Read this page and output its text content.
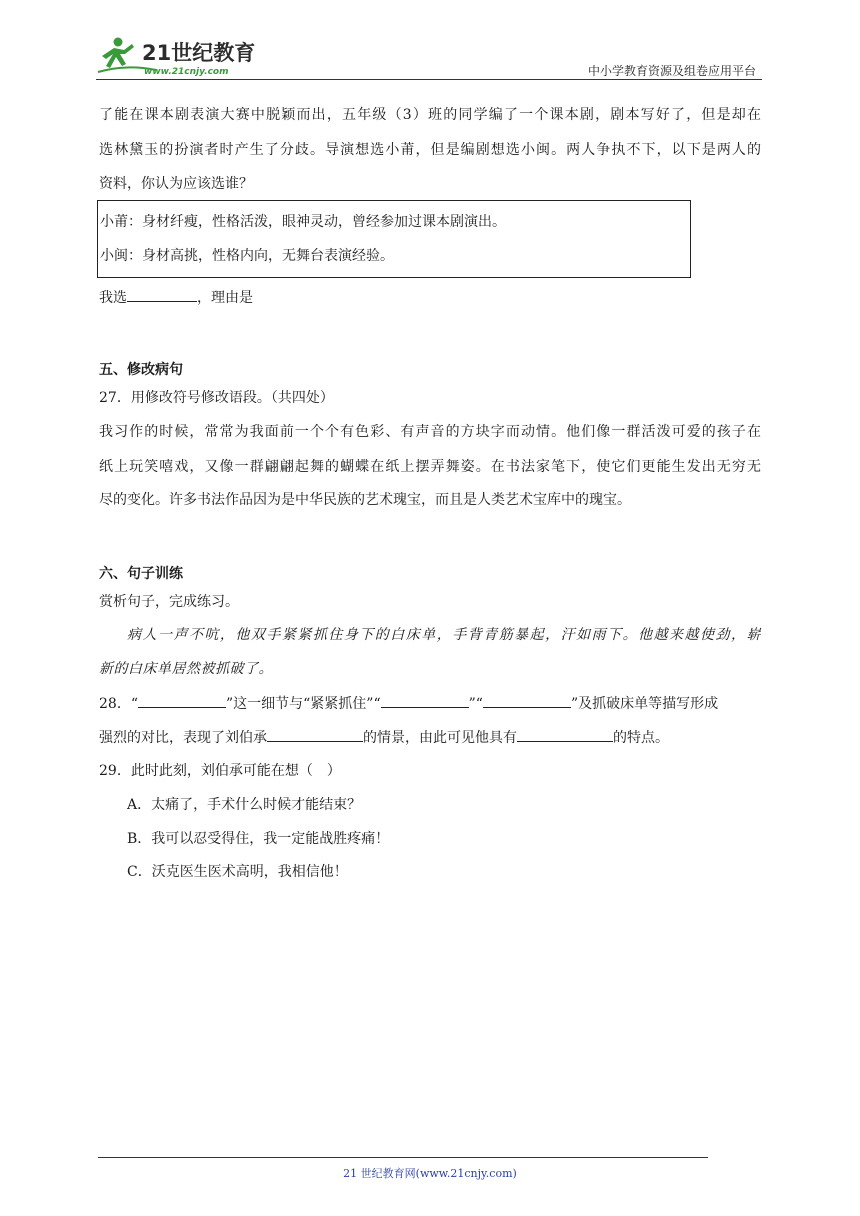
21世纪教育
www.21cnjy.com	中小学教育资源及组卷应用平台
了能在课本剧表演大赛中脱颖而出，五年级（3）班的同学编了一个课本剧，剧本写好了，但是却在
选林黛玉的扮演者时产生了分歧。导演想选小莆，但是编剧想选小闽。两人争执不下，以下是两人的
资料，你认为应该选谁？
小莆：身材纤瘦，性格活泼，眼神灵动，曾经参加过课本剧演出。
小闽：身材高挑，性格内向，无舞台表演经验。
我选	，理由是
五、修改病句
27．用修改符号修改语段。（共四处）
我习作的时候，常常为我面前一个个有色彩、有声音的方块字而动情。他们像一群活泼可爱的孩子在
纸上玩笑嘻戏，又像一群翩翩起舞的蝴蝶在纸上摆弄舞姿。在书法家笔下，使它们更能生发出无穷无
尽的变化。许多书法作品因为是中华民族的艺术瑰宝，而且是人类艺术宝库中的瑰宝。
六、句子训练
赏析句子，完成练习。
病人一声不吭，他双手紧紧抓住身下的白床单，手背青筋暴起，汗如雨下。他越来越使劲，崭
新的白床单居然被抓破了。
28．“	”这一细节与“紧紧抓住”“	”“	”及抓破床单等描写形成
强烈的对比，表现了刘伯承	的情景，由此可见他具有	的特点。
29．此时此刻，刘伯承可能在想（　）
A．太痛了，手术什么时候才能结束？
B．我可以忍受得住，我一定能战胜疼痛！
C．沃克医生医术高明，我相信他！
21 世纪教育网(www.21cnjy.com)
